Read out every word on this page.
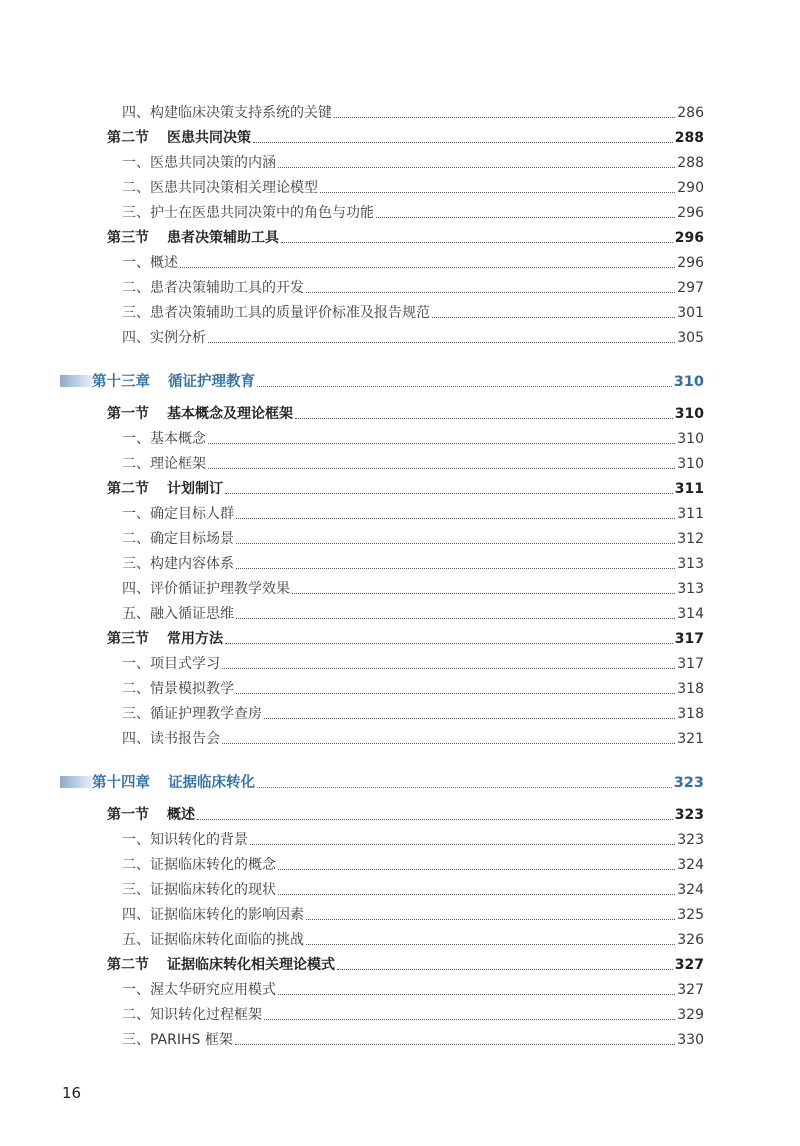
四、构建临床决策支持系统的关键	286
第二节 医患共同决策	288
一、医患共同决策的内涵	288
二、医患共同决策相关理论模型	290
三、护士在医患共同决策中的角色与功能	296
第三节 患者决策辅助工具	296
一、概述	296
二、患者决策辅助工具的开发	297
三、患者决策辅助工具的质量评价标准及报告规范	301
四、实例分析	305
第十三章 循证护理教育	310
第一节 基本概念及理论框架	310
一、基本概念	310
二、理论框架	310
第二节 计划制订	311
一、确定目标人群	311
二、确定目标场景	312
三、构建内容体系	313
四、评价循证护理教学效果	313
五、融入循证思维	314
第三节 常用方法	317
一、项目式学习	317
二、情景模拟教学	318
三、循证护理教学查房	318
四、读书报告会	321
第十四章 证据临床转化	323
第一节 概述	323
一、知识转化的背景	323
二、证据临床转化的概念	324
三、证据临床转化的现状	324
四、证据临床转化的影响因素	325
五、证据临床转化面临的挑战	326
第二节 证据临床转化相关理论模式	327
一、渥太华研究应用模式	327
二、知识转化过程框架	329
三、PARIHS 框架	330
16
